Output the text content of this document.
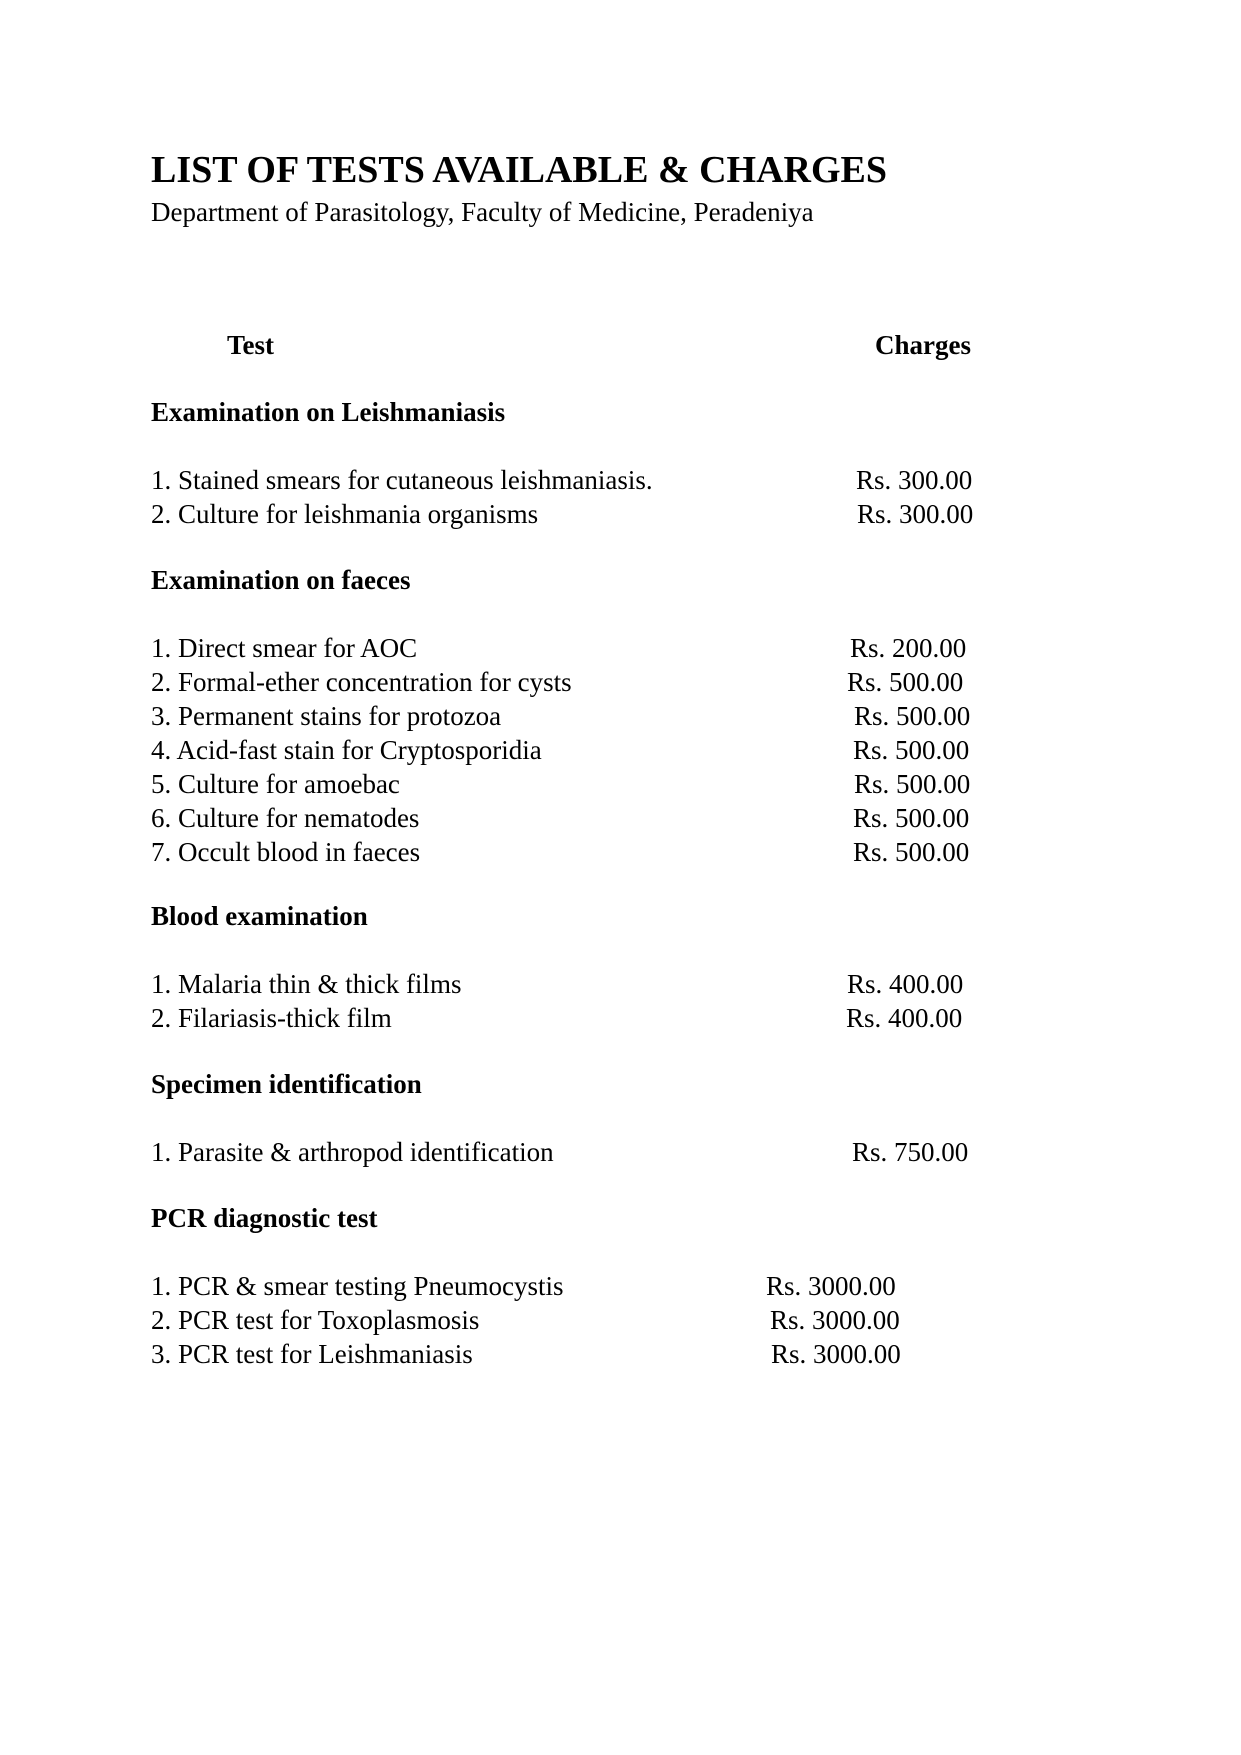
LIST OF TESTS AVAILABLE & CHARGES
Department of Parasitology, Faculty of Medicine, Peradeniya
Test	Charges
Examination on Leishmaniasis
1. Stained smears for cutaneous leishmaniasis.	Rs. 300.00
2. Culture for leishmania organisms	Rs. 300.00
Examination on faeces
1. Direct smear for AOC	Rs. 200.00
2. Formal-ether concentration for cysts	Rs. 500.00
3. Permanent stains for protozoa	Rs. 500.00
4. Acid-fast stain for Cryptosporidia	Rs. 500.00
5. Culture for amoebac	Rs. 500.00
6. Culture for nematodes	Rs. 500.00
7. Occult blood in faeces	Rs. 500.00
Blood examination
1. Malaria thin & thick films	Rs. 400.00
2. Filariasis-thick film	Rs. 400.00
Specimen identification
1. Parasite & arthropod identification	Rs. 750.00
PCR diagnostic test
1. PCR & smear testing Pneumocystis	Rs. 3000.00
2. PCR test for Toxoplasmosis	Rs. 3000.00
3. PCR test for Leishmaniasis	Rs. 3000.00
